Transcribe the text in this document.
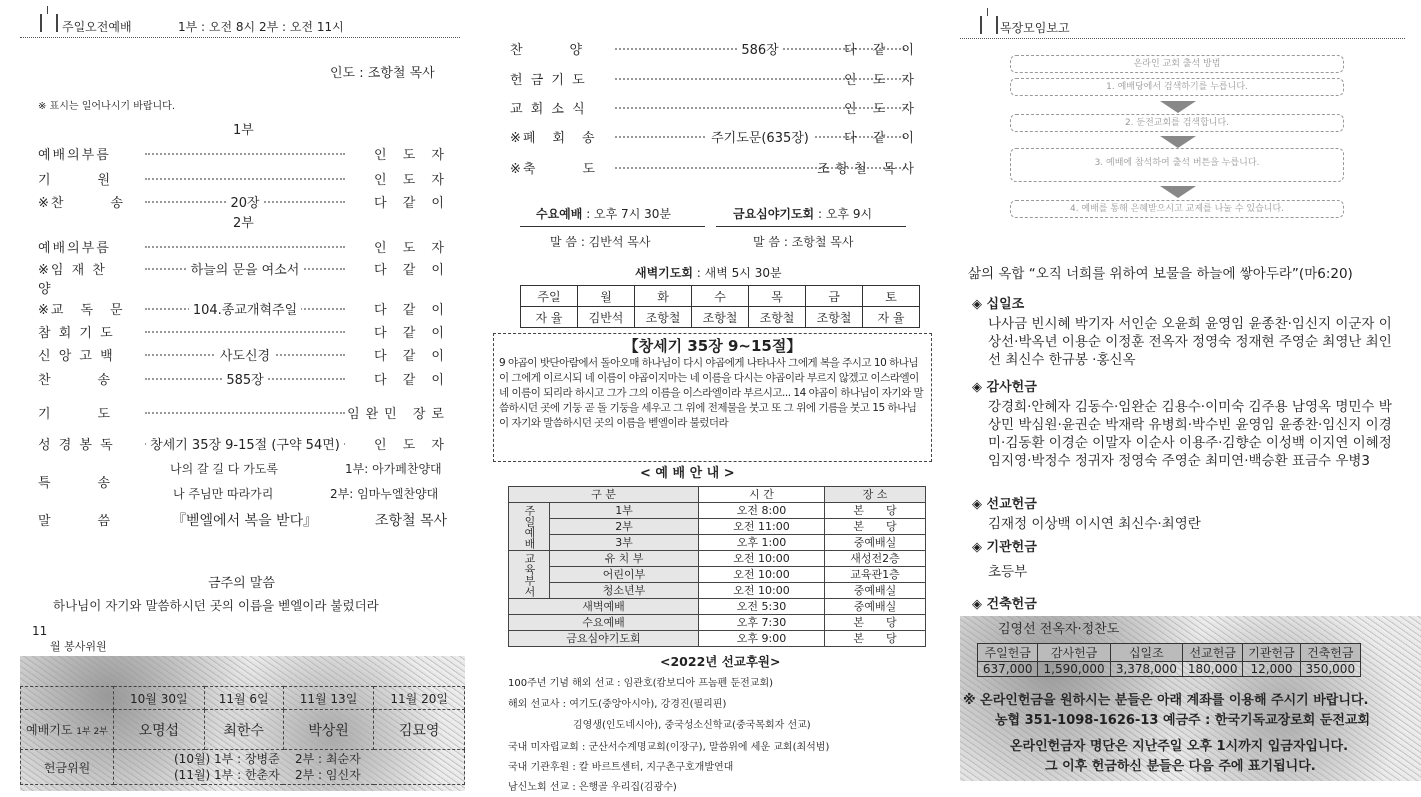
주일오전예배	1부 : 오전 8시 2부 : 오전 11시
인도 : 조항철 목사
※ 표시는 일어나시기 바랍니다.
1부
예배의부름	인 도 자
기　　　원	인 도 자
※찬　　　송	20장	다 같 이
2부
예배의부름	인 도 자
※임 재 찬 양
하늘의 문을 여소서	다 같 이
※교　독　문	104.종교개혁주일	다 같 이
참 회 기 도	다 같 이
신 앙 고 백	사도신경	다 같 이
찬　　　송	585장	다 같 이
기　　　도	임완민 장로
성 경 봉 독	창세기 35장 9-15절 (구약 54면)	인 도 자
특　　　송
나의 갈 길 다 가도록	1부: 아가페찬양대
나 주님만 따라가리	2부: 임마누엘찬양대
말　　　씀	『벧엘에서 복을 받다』	조항철 목사
금주의 말씀
하나님이 자기와 말씀하시던 곳의 이름을 벧엘이라 불렀더라
11
월 봉사위원
	10월 30일	11월 6일	11월 13일	11월 20일
예배기도 1부 2부	오명섭	최한수	박상원	김묘영
헌금위원	(10월) 1부 : 장병준 2부 : 최순자
(11월) 1부 : 한춘자 2부 : 임신자			
찬　　　양	586장	다 같 이
헌 금 기 도	인 도 자
교 회 소 식	인 도 자
※폐　회　송	주기도문(635장)	다 같 이
※축　　　도	조항철 목사
수요예배 : 오후 7시 30분
말 씀 : 김반석 목사
금요심야기도회 : 오후 9시
말 씀 : 조항철 목사
새벽기도회 : 새벽 5시 30분
주일	월	화	수	목	금	토
자 율	김반석	조항철	조항철	조항철	조항철	자 율
【창세기 35장 9~15절】
9 야곱이 밧단아람에서 돌아오매 하나님이 다시 야곱에게 나타나사 그에게 복을 주시고 10 하나님이 그에게 이르시되 네 이름이 야곱이지마는 네 이름을 다시는 야곱이라 부르지 않겠고 이스라엘이 네 이름이 되리라 하시고 그가 그의 이름을 이스라엘이라 부르시고... 14 야곱이 하나님이 자기와 말씀하시던 곳에 기둥 곧 돌 기둥을 세우고 그 위에 전제물을 붓고 또 그 위에 기름을 붓고 15 하나님이 자기와 말씀하시던 곳의 이름을 벧엘이라 불렀더라
< 예 배 안 내 >
구 분		시 간	장 소
주일예배	1부	오전 8:00	본　　당
	2부	오전 11:00	본　　당
	3부	오후 1:00	중예배실
교육부서	유 치 부	오전 10:00	새성전2층
	어린이부	오전 10:00	교육관1층
	청소년부	오전 10:00	중예배실
새벽예배		오전 5:30	중예배실
수요예배		오후 7:30	본　　당
금요심야기도회		오후 9:00	본　　당
<2022년 선교후원>
100주년 기념 해외 선교 : 임관호(캄보디아 프놈펜 둔전교회)
해외 선교사 : 여기도(중앙아시아), 강경진(필리핀)
김영생(인도네시아), 중국성소신학교(중국목회자 선교)
국내 미자립교회 : 군산서수계명교회(이장구), 말씀위에 세운 교회(최석범)
국내 기관후원 : 칼 바르트센터, 지구촌구호개발연대
남신노회 선교 : 은행골 우리집(김광수)
목장모임보고
온라인 교회 출석 방법
1. 예배당에서 검색하기를 누릅니다.
2. 둔전교회를 검색합니다.
3. 예배에 참석하여 출석 버튼을 누릅니다.
4. 예배를 통해 은혜받으시고 교제를 나눌 수 있습니다.
삶의 옥합 “오직 너희를 위하여 보물을 하늘에 쌓아두라”(마6:20)
◈ 십일조
나사금 빈시혜 박기자 서인순 오윤희 윤영임 윤종찬·임신지 이군자 이상선·박옥년 이용순 이정훈 전옥자 정영숙 정재현 주영순 최영난 최인선 최신수 한규봉 ·홍신옥
◈ 감사헌금
강경희·안혜자 김동수·임완순 김용수·이미숙 김주용 남영옥 명민수 박상민 박심원·윤권순 박재락 유병희·박수빈 윤영임 윤종찬·임신지 이경미·김동환 이경순 이말자 이순사 이용주·김향순 이성백 이지연 이혜정 임지영·박정수 정귀자 정영숙 주영순 최미연·백승환 표금수 우병3
◈ 선교헌금
김재정 이상백 이시연 최신수·최영란
◈ 기관헌금
초등부
◈ 건축헌금
김영선 전옥자·정찬도
주일헌금	감사헌금	십일조	선교헌금	기관헌금	건축헌금
637,000	1,590,000	3,378,000	180,000	12,000	350,000
※ 온라인헌금을 원하시는 분들은 아래 계좌를 이용해 주시기 바랍니다.
농협 351-1098-1626-13 예금주 : 한국기독교장로회 둔전교회
온라인헌금자 명단은 지난주일 오후 1시까지 입금자입니다.
그 이후 헌금하신 분들은 다음 주에 표기됩니다.
